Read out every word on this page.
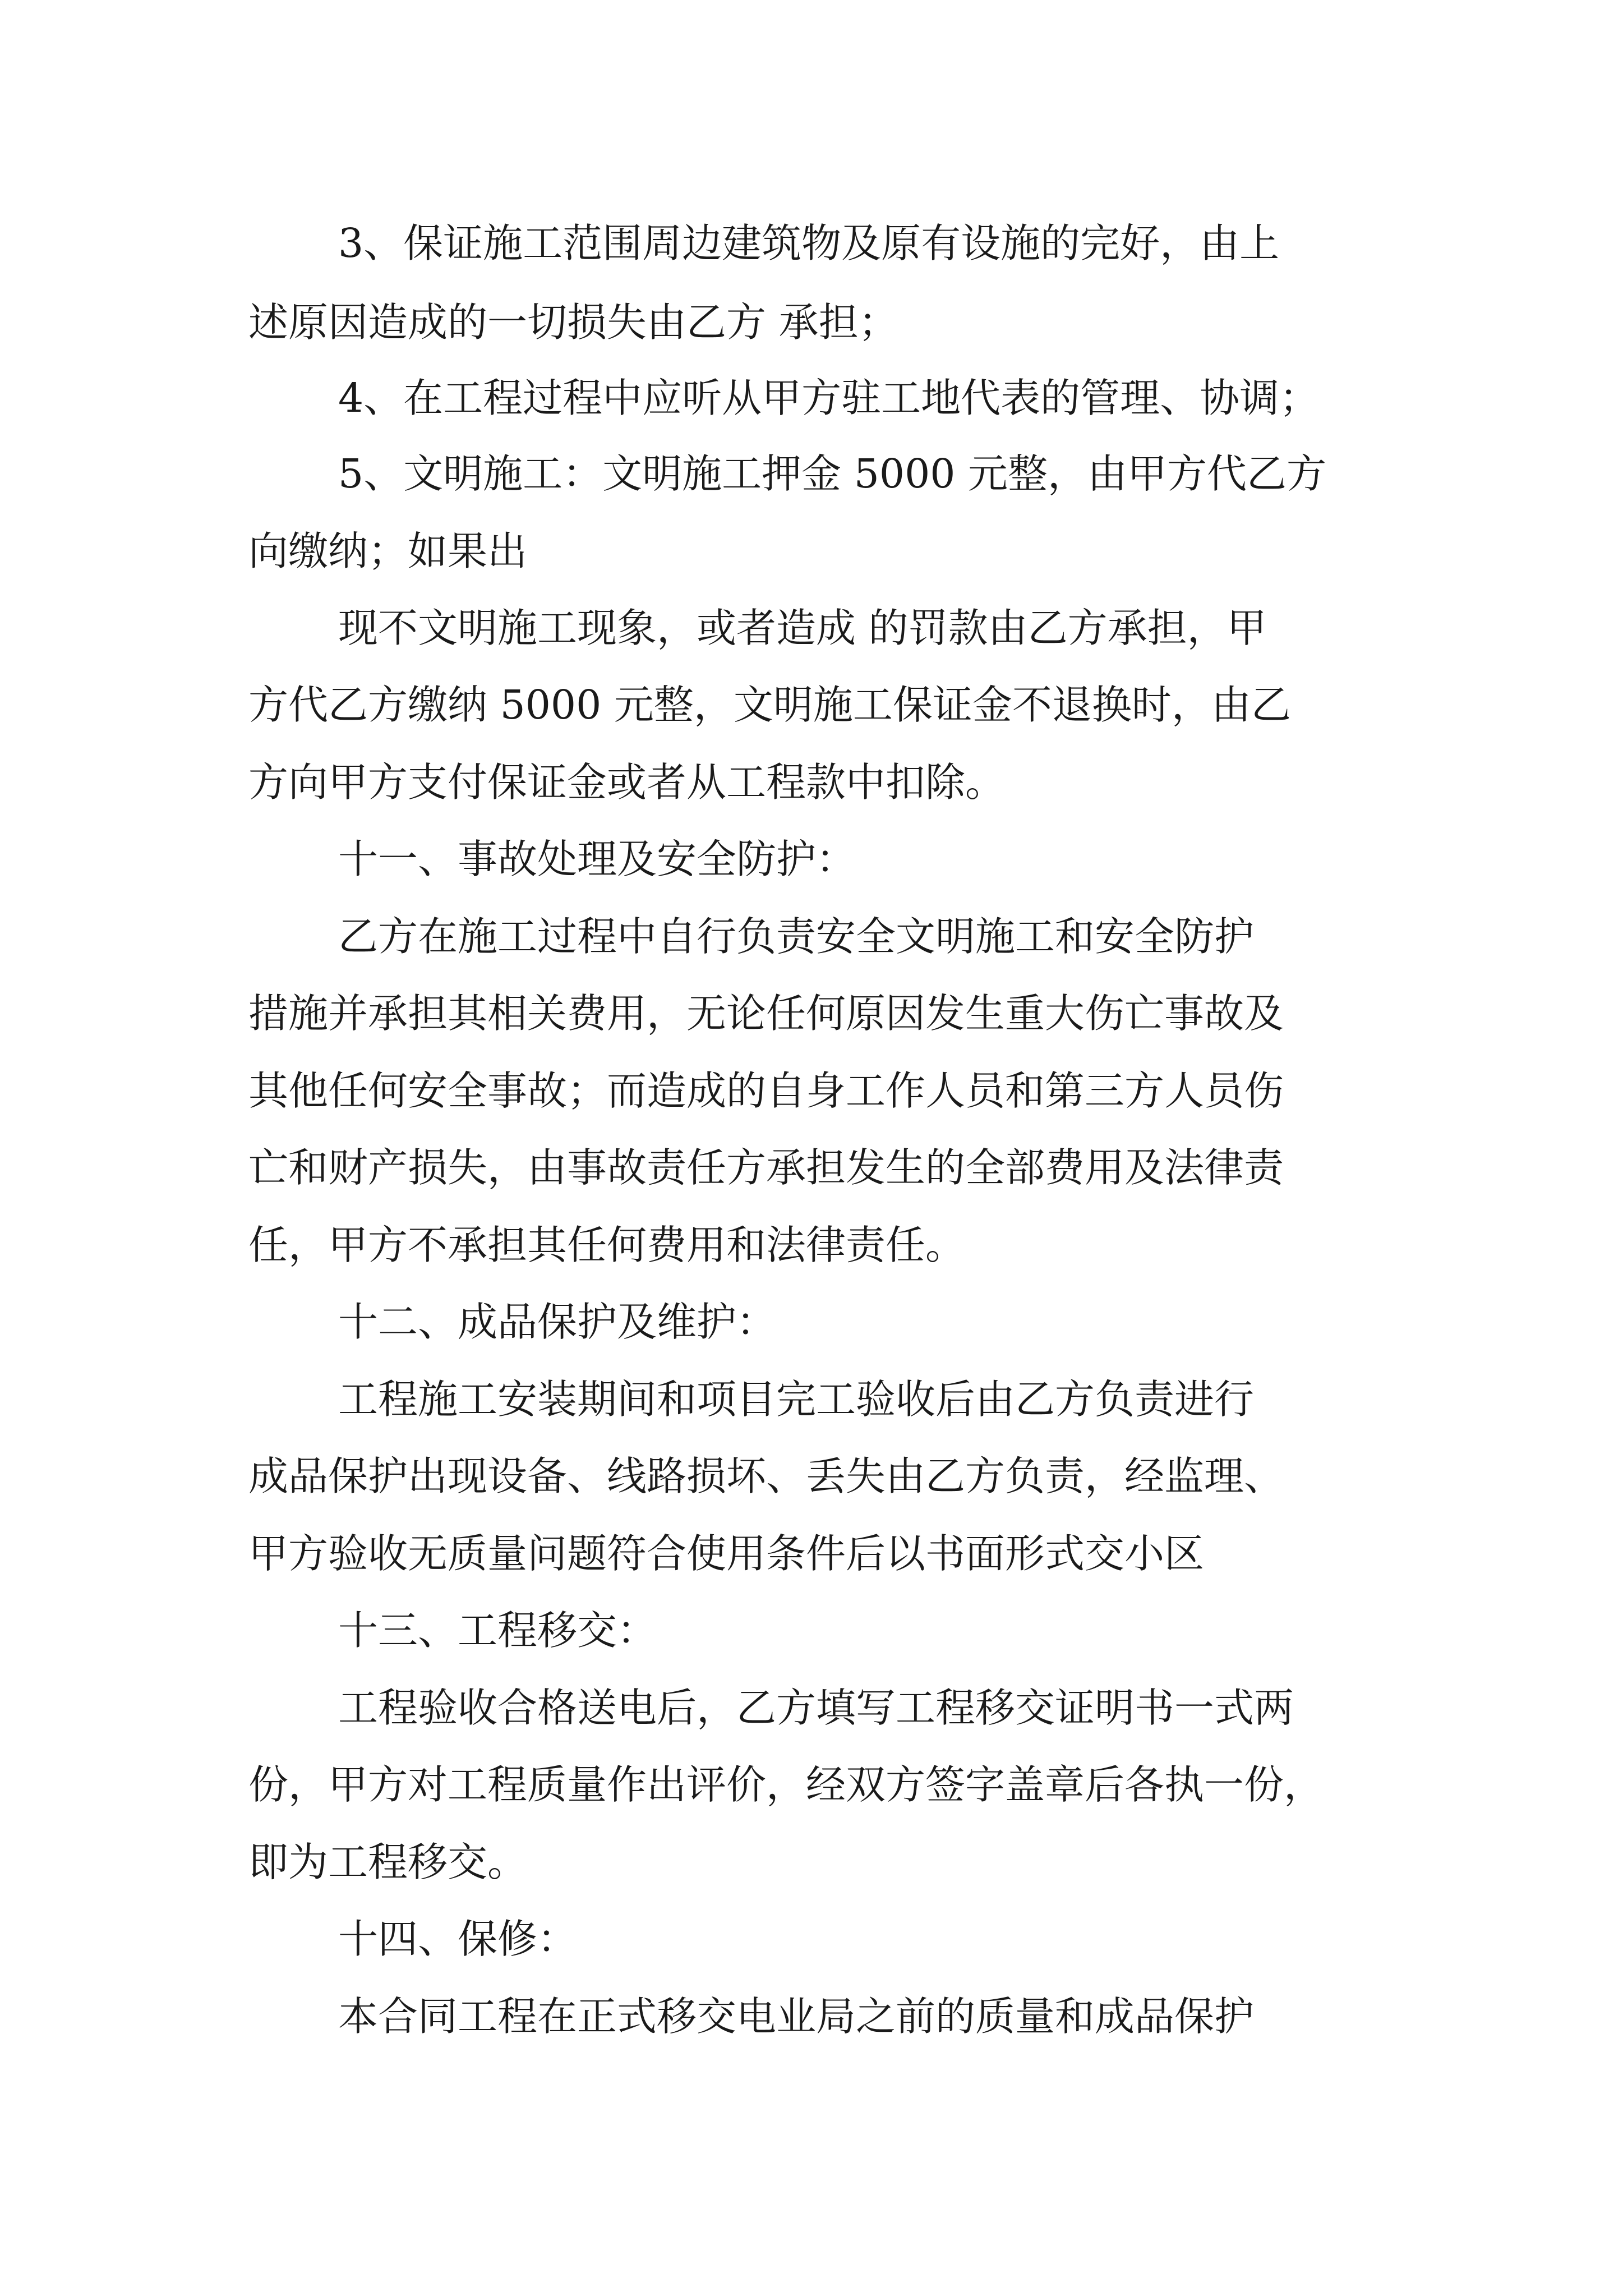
3、保证施工范围周边建筑物及原有设施的完好，由上

述原因造成的一切损失由乙方 承担；

4、在工程过程中应听从甲方驻工地代表的管理、协调；

5、文明施工：文明施工押金 5000 元整，由甲方代乙方

向缴纳；如果出

现不文明施工现象，或者造成 的罚款由乙方承担，甲

方代乙方缴纳 5000 元整，文明施工保证金不退换时，由乙

方向甲方支付保证金或者从工程款中扣除。

十一、事故处理及安全防护：

乙方在施工过程中自行负责安全文明施工和安全防护

措施并承担其相关费用，无论任何原因发生重大伤亡事故及

其他任何安全事故；而造成的自身工作人员和第三方人员伤

亡和财产损失，由事故责任方承担发生的全部费用及法律责

任，甲方不承担其任何费用和法律责任。

十二、成品保护及维护：

工程施工安装期间和项目完工验收后由乙方负责进行

成品保护出现设备、线路损坏、丢失由乙方负责，经监理、

甲方验收无质量问题符合使用条件后以书面形式交小区

十三、工程移交：

工程验收合格送电后，乙方填写工程移交证明书一式两

份，甲方对工程质量作出评价，经双方签字盖章后各执一份，

即为工程移交。

十四、保修：

本合同工程在正式移交电业局之前的质量和成品保护
